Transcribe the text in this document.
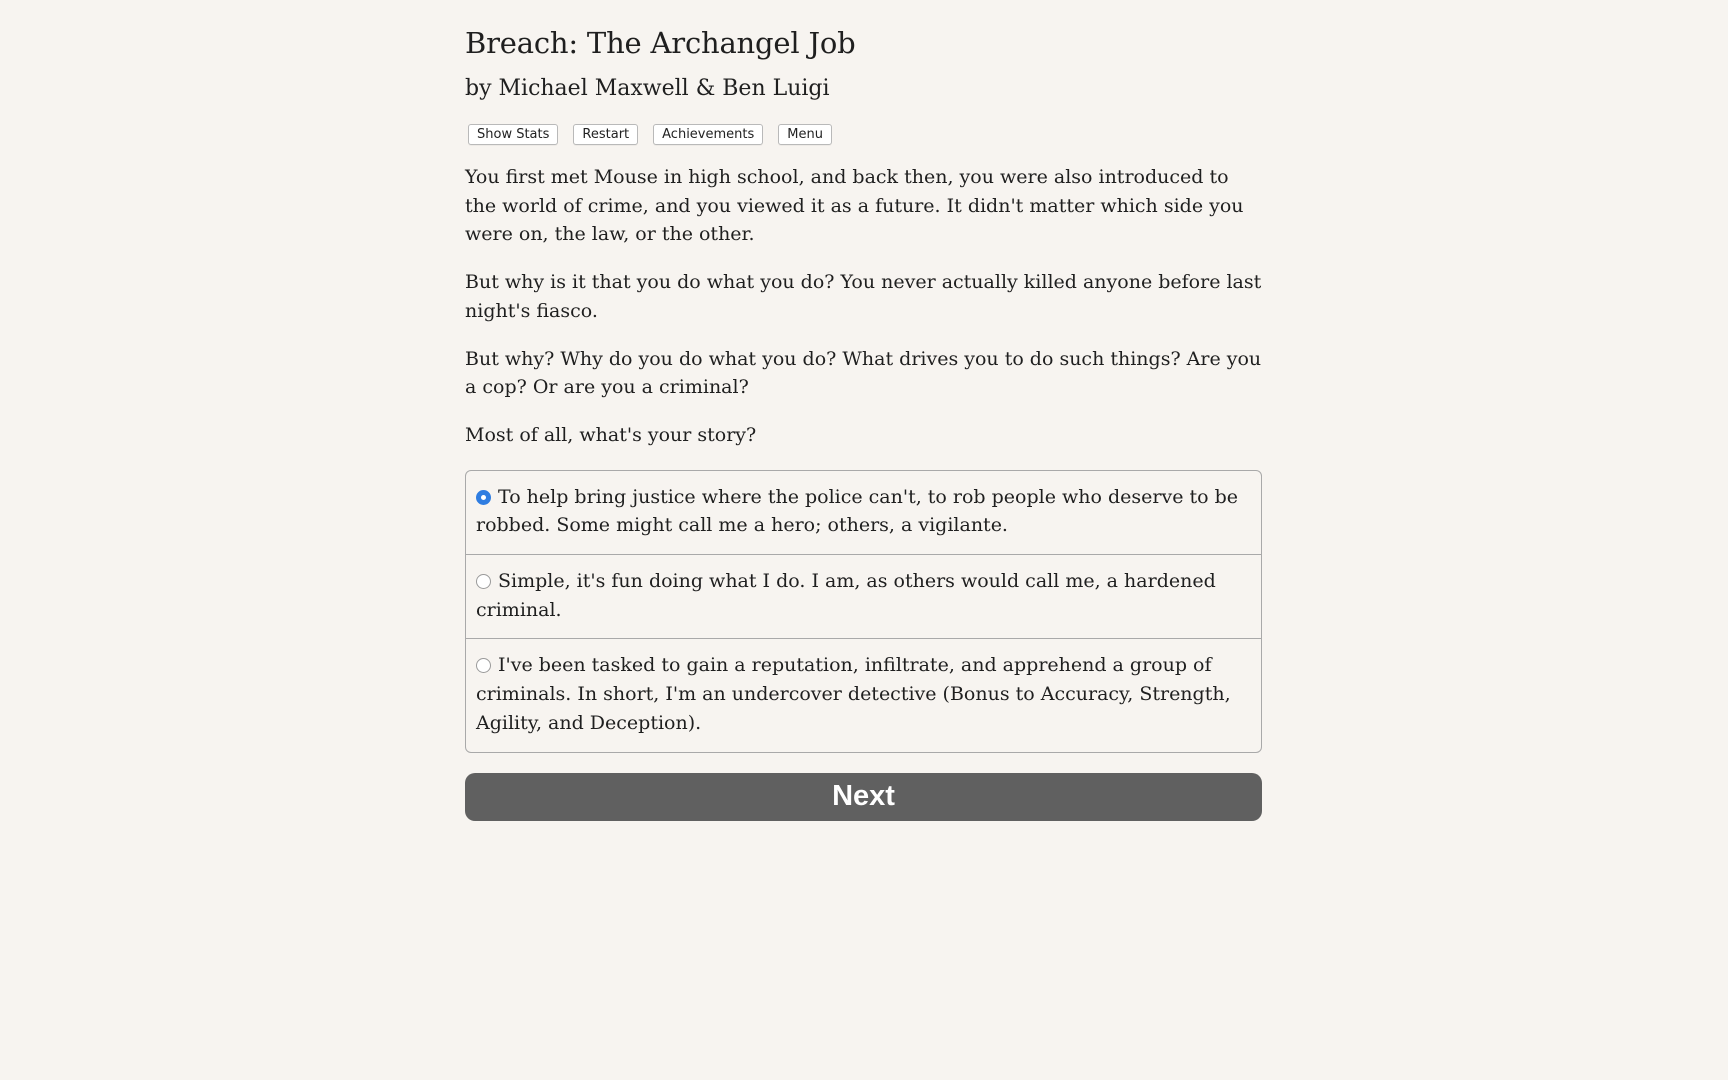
Breach: The Archangel Job
by Michael Maxwell & Ben Luigi
Show Stats	Restart	Achievements	Menu

You first met Mouse in high school, and back then, you were also introduced to the world of crime, and you viewed it as a future. It didn't matter which side you were on, the law, or the other.

But why is it that you do what you do? You never actually killed anyone before last night's fiasco.

But why? Why do you do what you do? What drives you to do such things? Are you a cop? Or are you a criminal?

Most of all, what's your story?

To help bring justice where the police can't, to rob people who deserve to be robbed. Some might call me a hero; others, a vigilante.
Simple, it's fun doing what I do. I am, as others would call me, a hardened criminal.
I've been tasked to gain a reputation, infiltrate, and apprehend a group of criminals. In short, I'm an undercover detective (Bonus to Accuracy, Strength, Agility, and Deception).
Next
